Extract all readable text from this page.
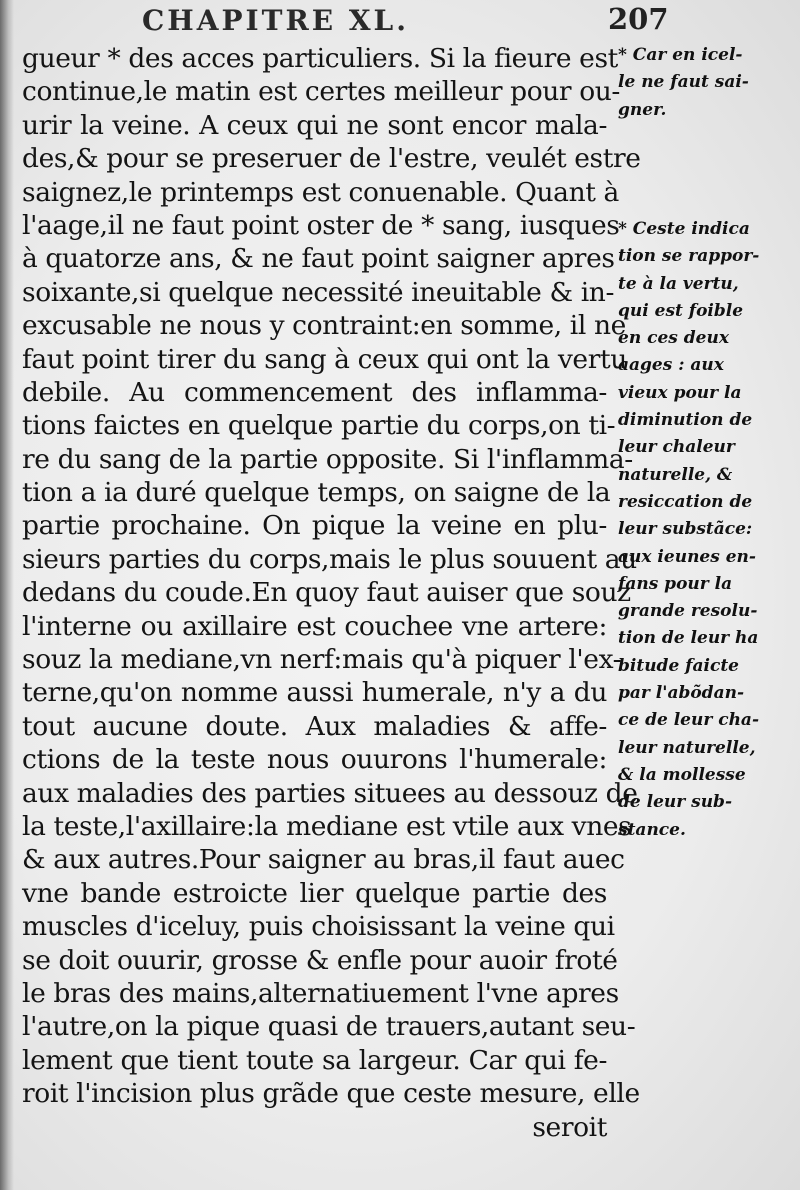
CHAPITRE XL.	207
gueur * des acces particuliers. Si la fieure est
continue,le matin est certes meilleur pour ou-
urir la veine. A ceux qui ne sont encor mala-
des,& pour se preseruer de l'estre, veulét estre
saignez,le printemps est conuenable. Quant à
l'aage,il ne faut point oster de * sang, iusques
à quatorze ans, & ne faut point saigner apres
soixante,si quelque necessité ineuitable & in-
excusable ne nous y contraint:en somme, il ne
faut point tirer du sang à ceux qui ont la vertu
debile. Au commencement des inflamma-
tions faictes en quelque partie du corps,on ti-
re du sang de la partie opposite. Si l'inflamma-
tion a ia duré quelque temps, on saigne de la
partie prochaine. On pique la veine en plu-
sieurs parties du corps,mais le plus souuent au
dedans du coude.En quoy faut auiser que souz
l'interne ou axillaire est couchee vne artere:
souz la mediane,vn nerf:mais qu'à piquer l'ex-
terne,qu'on nomme aussi humerale, n'y a du
tout aucune doute. Aux maladies & affe-
ctions de la teste nous ouurons l'humerale:
aux maladies des parties situees au dessouz de
la teste,l'axillaire:la mediane est vtile aux vnes
& aux autres.Pour saigner au bras,il faut auec
vne bande estroicte lier quelque partie des
muscles d'iceluy, puis choisissant la veine qui
se doit ouurir, grosse & enfle pour auoir froté
le bras des mains,alternatiuement l'vne apres
l'autre,on la pique quasi de trauers,autant seu-
lement que tient toute sa largeur. Car qui fe-
roit l'incision plus grãde que ceste mesure, elle
seroit
* Car en icel-
le ne faut sai-
gner.
* Ceste indica
tion se rappor-
te à la vertu,
qui est foible
en ces deux
aages : aux
vieux pour la
diminution de
leur chaleur
naturelle, &
resiccation de
leur substãce:
aux ieunes en-
fans pour la
grande resolu-
tion de leur ha
bitude faicte
par l'abõdan-
ce de leur cha-
leur naturelle,
& la mollesse
de leur sub-
stance.
